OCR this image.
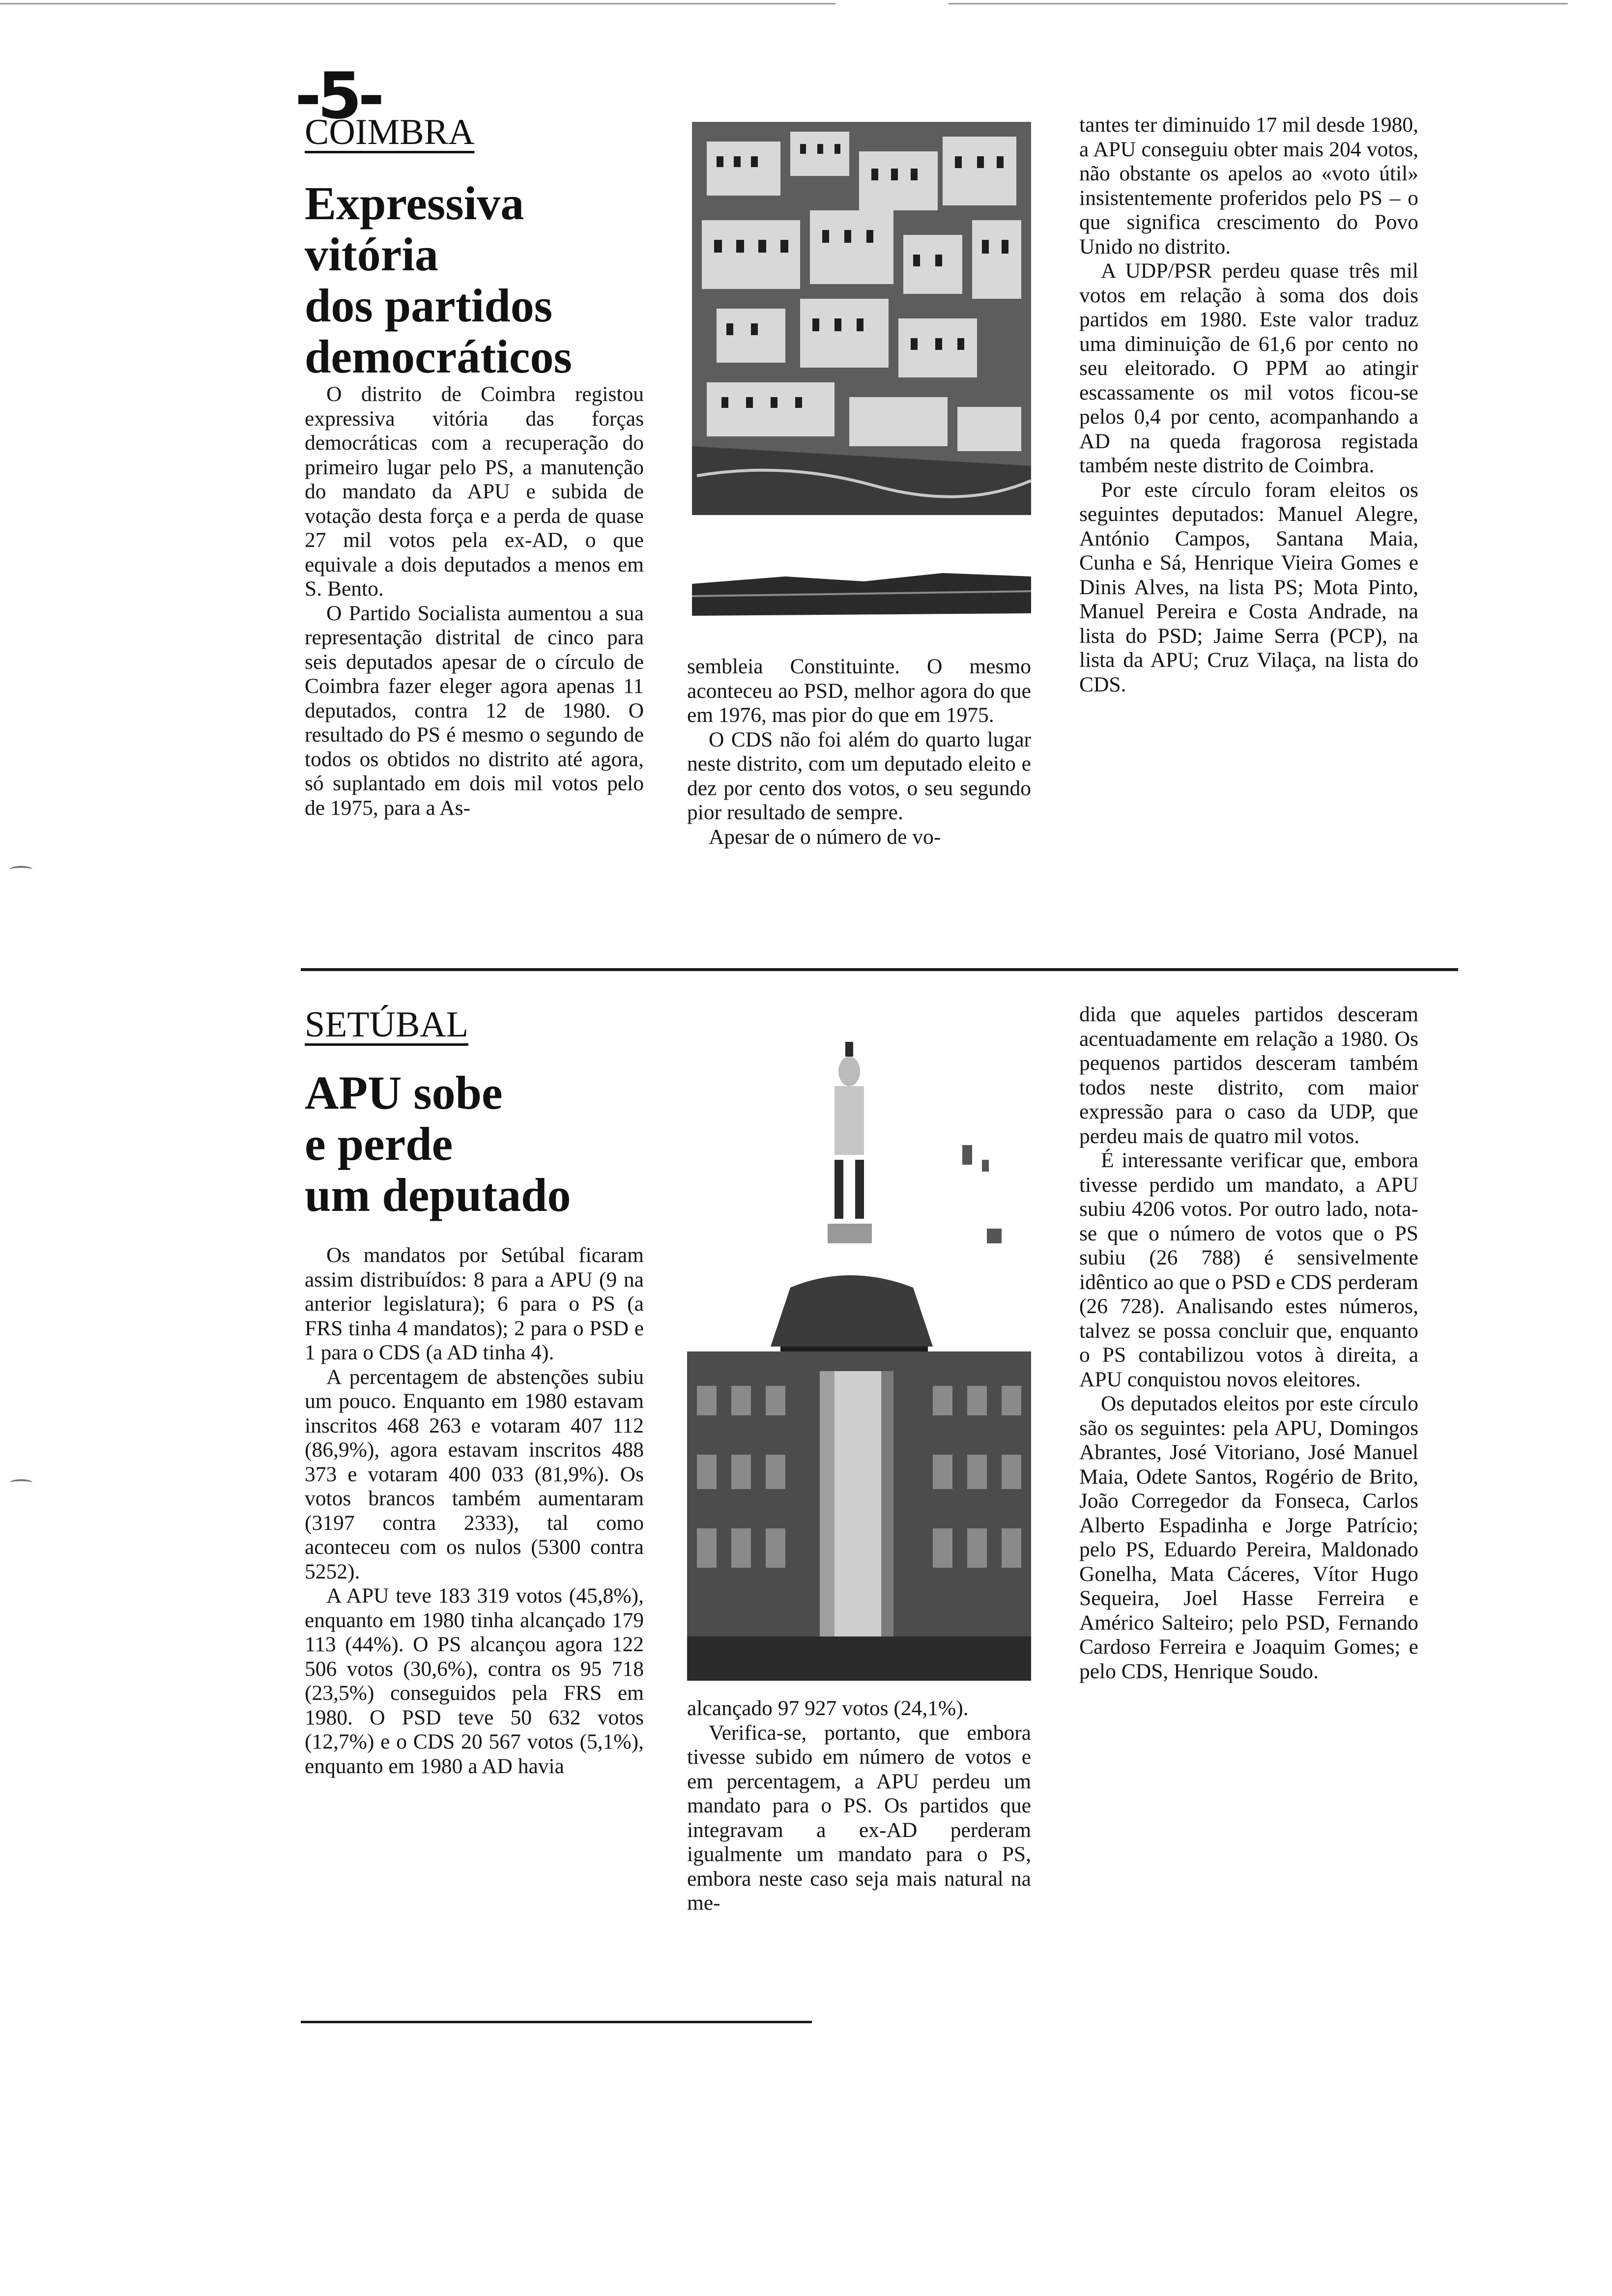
-5-
COIMBRA
Expressiva
vitória
dos partidos
democráticos

O distrito de Coimbra registou expressiva vitória das forças democráticas com a recuperação do primeiro lugar pelo PS, a manutenção do mandato da APU e subida de votação desta força e a perda de quase 27 mil votos pela ex-AD, o que equivale a dois deputados a menos em S. Bento.

O Partido Socialista aumentou a sua representação distrital de cinco para seis deputados apesar de o círculo de Coimbra fazer eleger agora apenas 11 deputados, contra 12 de 1980. O resultado do PS é mesmo o segundo de todos os obtidos no distrito até agora, só suplantado em dois mil votos pelo de 1975, para a As-

sembleia Constituinte. O mesmo aconteceu ao PSD, melhor agora do que em 1976, mas pior do que em 1975.

O CDS não foi além do quarto lugar neste distrito, com um deputado eleito e dez por cento dos votos, o seu segundo pior resultado de sempre.

Apesar de o número de vo-

tantes ter diminuido 17 mil desde 1980, a APU conseguiu obter mais 204 votos, não obstante os apelos ao «voto útil» insistentemente proferidos pelo PS – o que significa crescimento do Povo Unido no distrito.

A UDP/PSR perdeu quase três mil votos em relação à soma dos dois partidos em 1980. Este valor traduz uma diminuição de 61,6 por cento no seu eleitorado. O PPM ao atingir escassamente os mil votos ficou-se pelos 0,4 por cento, acompanhando a AD na queda fragorosa registada também neste distrito de Coimbra.

Por este círculo foram eleitos os seguintes deputados: Manuel Alegre, António Campos, Santana Maia, Cunha e Sá, Henrique Vieira Gomes e Dinis Alves, na lista PS; Mota Pinto, Manuel Pereira e Costa Andrade, na lista do PSD; Jaime Serra (PCP), na lista da APU; Cruz Vilaça, na lista do CDS.

SETÚBAL
APU sobe
e perde
um deputado

Os mandatos por Setúbal ficaram assim distribuídos: 8 para a APU (9 na anterior legislatura); 6 para o PS (a FRS tinha 4 mandatos); 2 para o PSD e 1 para o CDS (a AD tinha 4).

A percentagem de abstenções subiu um pouco. Enquanto em 1980 estavam inscritos 468 263 e votaram 407 112 (86,9%), agora estavam inscritos 488 373 e votaram 400 033 (81,9%). Os votos brancos também aumentaram (3197 contra 2333), tal como aconteceu com os nulos (5300 contra 5252).

A APU teve 183 319 votos (45,8%), enquanto em 1980 tinha alcançado 179 113 (44%). O PS alcançou agora 122 506 votos (30,6%), contra os 95 718 (23,5%) conseguidos pela FRS em 1980. O PSD teve 50 632 votos (12,7%) e o CDS 20 567 votos (5,1%), enquanto em 1980 a AD havia

alcançado 97 927 votos (24,1%).

Verifica-se, portanto, que embora tivesse subido em número de votos e em percentagem, a APU perdeu um mandato para o PS. Os partidos que integravam a ex-AD perderam igualmente um mandato para o PS, embora neste caso seja mais natural na me-

dida que aqueles partidos desceram acentuadamente em relação a 1980. Os pequenos partidos desceram também todos neste distrito, com maior expressão para o caso da UDP, que perdeu mais de quatro mil votos.

É interessante verificar que, embora tivesse perdido um mandato, a APU subiu 4206 votos. Por outro lado, nota-se que o número de votos que o PS subiu (26 788) é sensivelmente idêntico ao que o PSD e CDS perderam (26 728). Analisando estes números, talvez se possa concluir que, enquanto o PS contabilizou votos à direita, a APU conquistou novos eleitores.

Os deputados eleitos por este círculo são os seguintes: pela APU, Domingos Abrantes, José Vitoriano, José Manuel Maia, Odete Santos, Rogério de Brito, João Corregedor da Fonseca, Carlos Alberto Espadinha e Jorge Patrício; pelo PS, Eduardo Pereira, Maldonado Gonelha, Mata Cáceres, Vítor Hugo Sequeira, Joel Hasse Ferreira e Américo Salteiro; pelo PSD, Fernando Cardoso Ferreira e Joaquim Gomes; e pelo CDS, Henrique Soudo.
